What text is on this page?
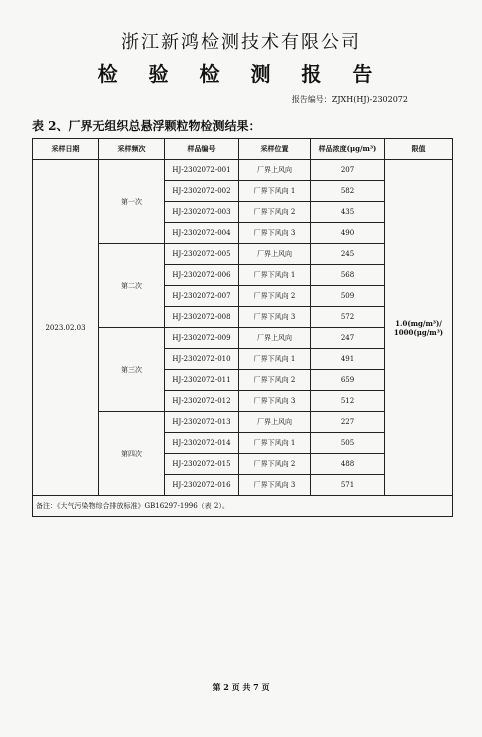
浙江新鸿检测技术有限公司
检 验 检 测 报 告
报告编号：ZJXH(HJ)-2302072
表 2、厂界无组织总悬浮颗粒物检测结果：
采样日期	采样频次	样品编号	采样位置	样品浓度(μg/m³)	限值
2023.02.03	第一次	HJ-2302072-001	厂界上风向	207	1.0(mg/m³)/
1000(μg/m³)

		HJ-2302072-002	厂界下风向 1	582	
		HJ-2302072-003	厂界下风向 2	435	
		HJ-2302072-004	厂界下风向 3	490	
	第二次	HJ-2302072-005	厂界上风向	245	
		HJ-2302072-006	厂界下风向 1	568	
		HJ-2302072-007	厂界下风向 2	509	
		HJ-2302072-008	厂界下风向 3	572	
	第三次	HJ-2302072-009	厂界上风向	247	
		HJ-2302072-010	厂界下风向 1	491	
		HJ-2302072-011	厂界下风向 2	659	
		HJ-2302072-012	厂界下风向 3	512	
	第四次	HJ-2302072-013	厂界上风向	227	
		HJ-2302072-014	厂界下风向 1	505	
		HJ-2302072-015	厂界下风向 2	488	
		HJ-2302072-016	厂界下风向 3	571	
备注：《大气污染物综合排放标准》GB16297-1996（表 2）。					
第 2 页 共 7 页
